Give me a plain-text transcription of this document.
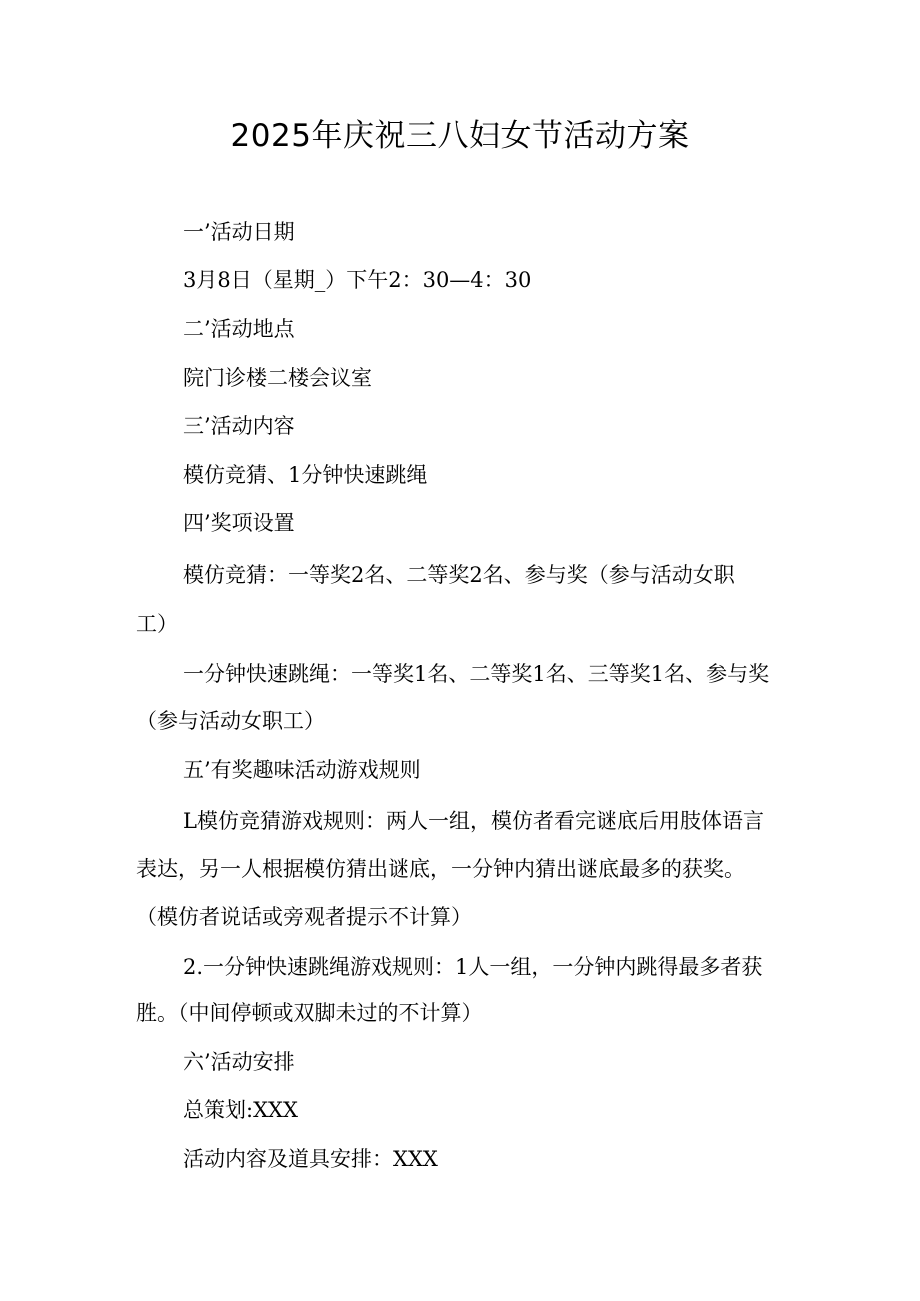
2025年庆祝三八妇女节活动方案

一’活动日期

3月8日（星期_）下午2：30—4：30

二’活动地点

院门诊楼二楼会议室

三’活动内容

模仿竞猜、1分钟快速跳绳

四’奖项设置

模仿竞猜：一等奖2名、二等奖2名、参与奖（参与活动女职

工）

一分钟快速跳绳：一等奖1名、二等奖1名、三等奖1名、参与奖

（参与活动女职工）

五’有奖趣味活动游戏规则

L模仿竞猜游戏规则：两人一组，模仿者看完谜底后用肢体语言

表达，另一人根据模仿猜出谜底，一分钟内猜出谜底最多的获奖。

（模仿者说话或旁观者提示不计算）

2.一分钟快速跳绳游戏规则：1人一组，一分钟内跳得最多者获

胜。（中间停顿或双脚未过的不计算）

六’活动安排

总策划:XXX

活动内容及道具安排：XXX
